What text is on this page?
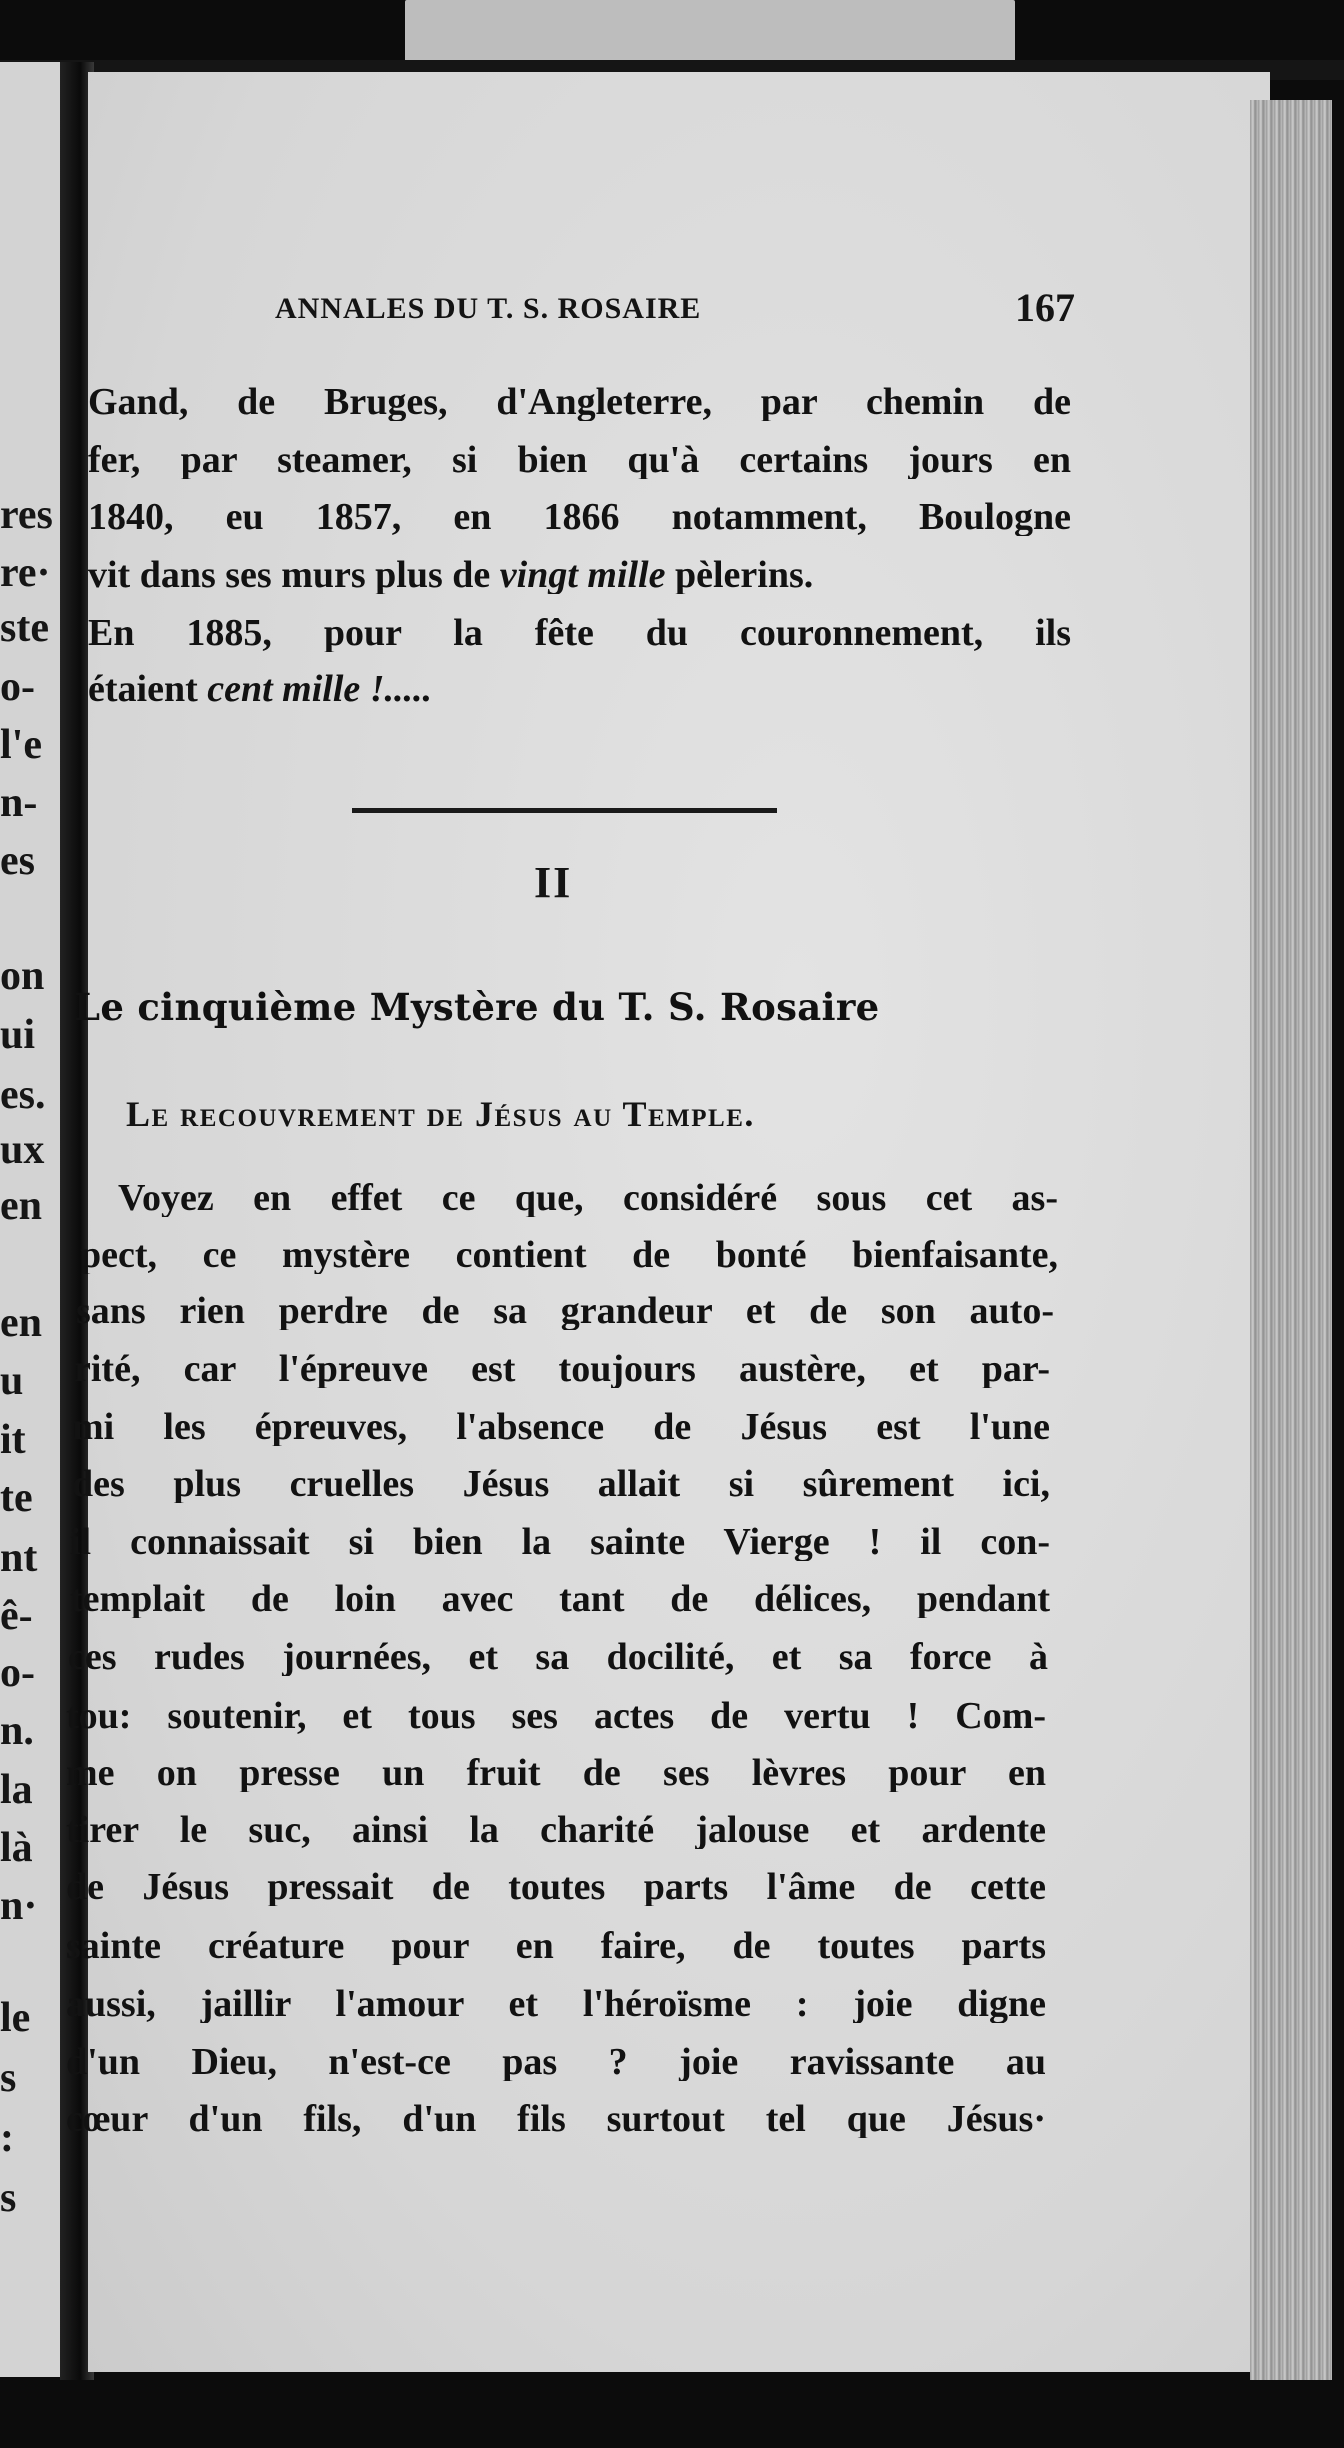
res
re·
ste
o-
l'e
n-
es
on
ui
es.
ux
en
en
u
it
te
nt
ê-
o-
n.
la
là
n·
le
s
:
s
ANNALES DU T. S. ROSAIRE	167
Gand, de Bruges, d'Angleterre, par chemin de
fer, par steamer, si bien qu'à certains jours en
1840, eu 1857, en 1866 notamment, Boulogne
vit dans ses murs plus de vingt mille pèlerins.
En 1885, pour la fête du couronnement, ils
étaient cent mille !.....
II
Le cinquième Mystère du T. S. Rosaire
Le recouvrement de Jésus au Temple.
Voyez en effet ce que, considéré sous cet as-
pect, ce mystère contient de bonté bienfaisante,
sans rien perdre de sa grandeur et de son auto-
rité, car l'épreuve est toujours austère, et par-
mi les épreuves, l'absence de Jésus est l'une
des plus cruelles Jésus allait si sûrement ici,
il connaissait si bien la sainte Vierge ! il con-
templait de loin avec tant de délices, pendant
ces rudes journées, et sa docilité, et sa force à
tou: soutenir, et tous ses actes de vertu ! Com-
me on presse un fruit de ses lèvres pour en
tirer le suc, ainsi la charité jalouse et ardente
de Jésus pressait de toutes parts l'âme de cette
sainte créature pour en faire, de toutes parts
aussi, jaillir l'amour et l'héroïsme : joie digne
d'un Dieu, n'est-ce pas ? joie ravissante au
cœur d'un fils, d'un fils surtout tel que Jésus·
